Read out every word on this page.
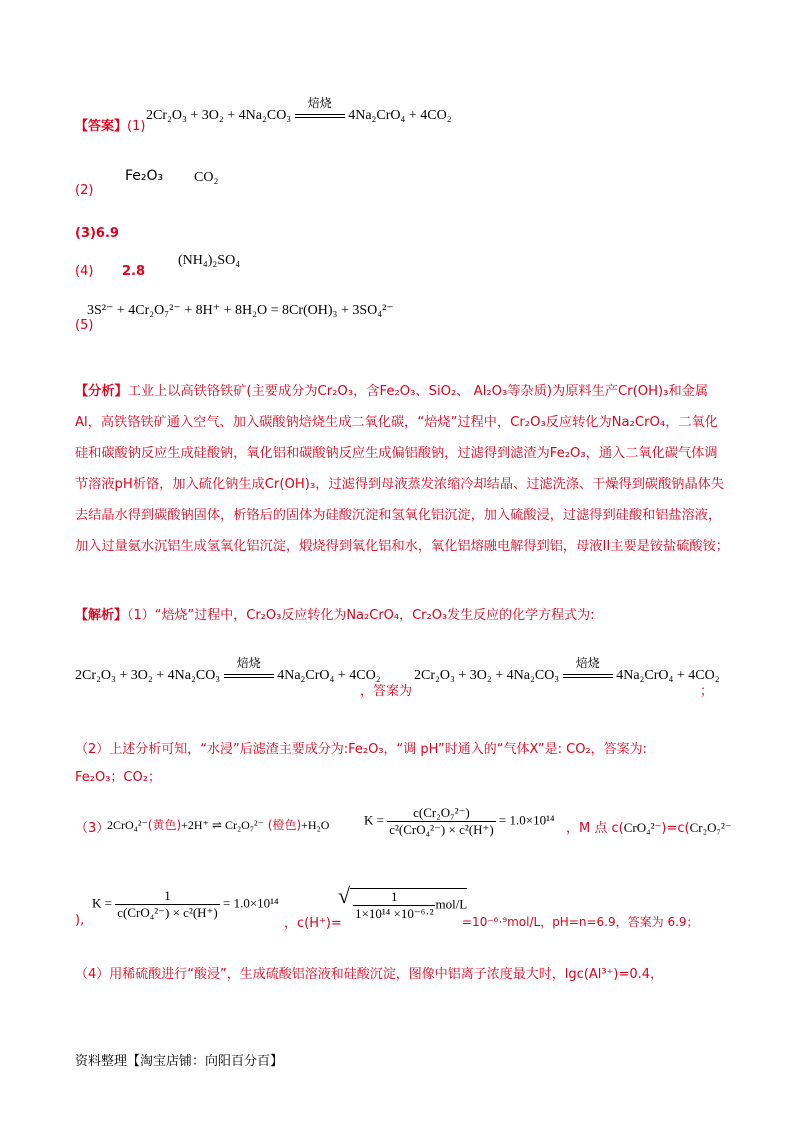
【答案】(1)
2Cr₂O₃ + 3O₂ + 4Na₂CO₃
焙烧
4Na₂CrO₄ + 4CO₂
(2)
Fe₂O₃ CO₂
(3)6.9
(4) 2.8
(NH₄)₂SO₄
3S²⁻ + 4Cr₂O₇²⁻ + 8H⁺ + 8H₂O = 8Cr(OH)₃ + 3SO₄²⁻
(5)
【分析】工业上以高铁铬铁矿(主要成分为Cr₂O₃，含Fe₂O₃、SiO₂、 Al₂O₃等杂质)为原料生产Cr(OH)₃和金属Al，高铁铬铁矿通入空气、加入碳酸钠焙烧生成二氧化碳，“焙烧”过程中，Cr₂O₃反应转化为Na₂CrO₄，二氧化硅和碳酸钠反应生成硅酸钠，氧化铝和碳酸钠反应生成偏铝酸钠，过滤得到滤渣为Fe₂O₃，通入二氧化碳气体调节溶液pH析铬，加入硫化钠生成Cr(OH)₃，过滤得到母液蒸发浓缩冷却结晶、过滤洗涤、干燥得到碳酸钠晶体失去结晶水得到碳酸钠固体，析铬后的固体为硅酸沉淀和氢氧化铝沉淀，加入硫酸浸，过滤得到硅酸和铝盐溶液，加入过量氨水沉铝生成氢氧化铝沉淀，煅烧得到氧化铝和水，氧化铝熔融电解得到铝，母液II主要是铵盐硫酸铵；
【解析】（1）“焙烧”过程中，Cr₂O₃反应转化为Na₂CrO₄，Cr₂O₃发生反应的化学方程式为:
2Cr₂O₃ + 3O₂ + 4Na₂CO₃
焙烧
4Na₂CrO₄ + 4CO₂
，答案为
2Cr₂O₃ + 3O₂ + 4Na₂CO₃
焙烧
4Na₂CrO₄ + 4CO₂
；
（2）上述分析可知，“水浸”后滤渣主要成分为:Fe₂O₃，“调 pH”时通入的“气体X”是: CO₂，答案为:
Fe₂O₃；CO₂；
（3）
2CrO₄²⁻(黄色)+2H⁺ ⇌ Cr₂O₇²⁻ (橙色)+H₂O	$K = \frac{\text{c(Cr₂O₇²⁻)}}{\text{c²(CrO₄²⁻) × c²(H⁺)}} = 1.0\times 10^{14}$
，M 点 c(CrO₄²⁻)=c(Cr₂O₇²⁻
),
$K = \frac{1}{\text{c(CrO₄²⁻) × c²(H⁺)}} = 1.0\times 10^{14}$
，c(H⁺)=
√ $\frac{1}{\text{1×10¹⁴ ×10⁻⁶·²}} mol/L$
=10⁻⁶·⁹mol/L，pH=n=6.9，答案为 6.9；
（4）用稀硫酸进行“酸浸”，生成硫酸铝溶液和硅酸沉淀，图像中铝离子浓度最大时，lgc(Al³⁺)=0.4，
资料整理【淘宝店铺：向阳百分百】
